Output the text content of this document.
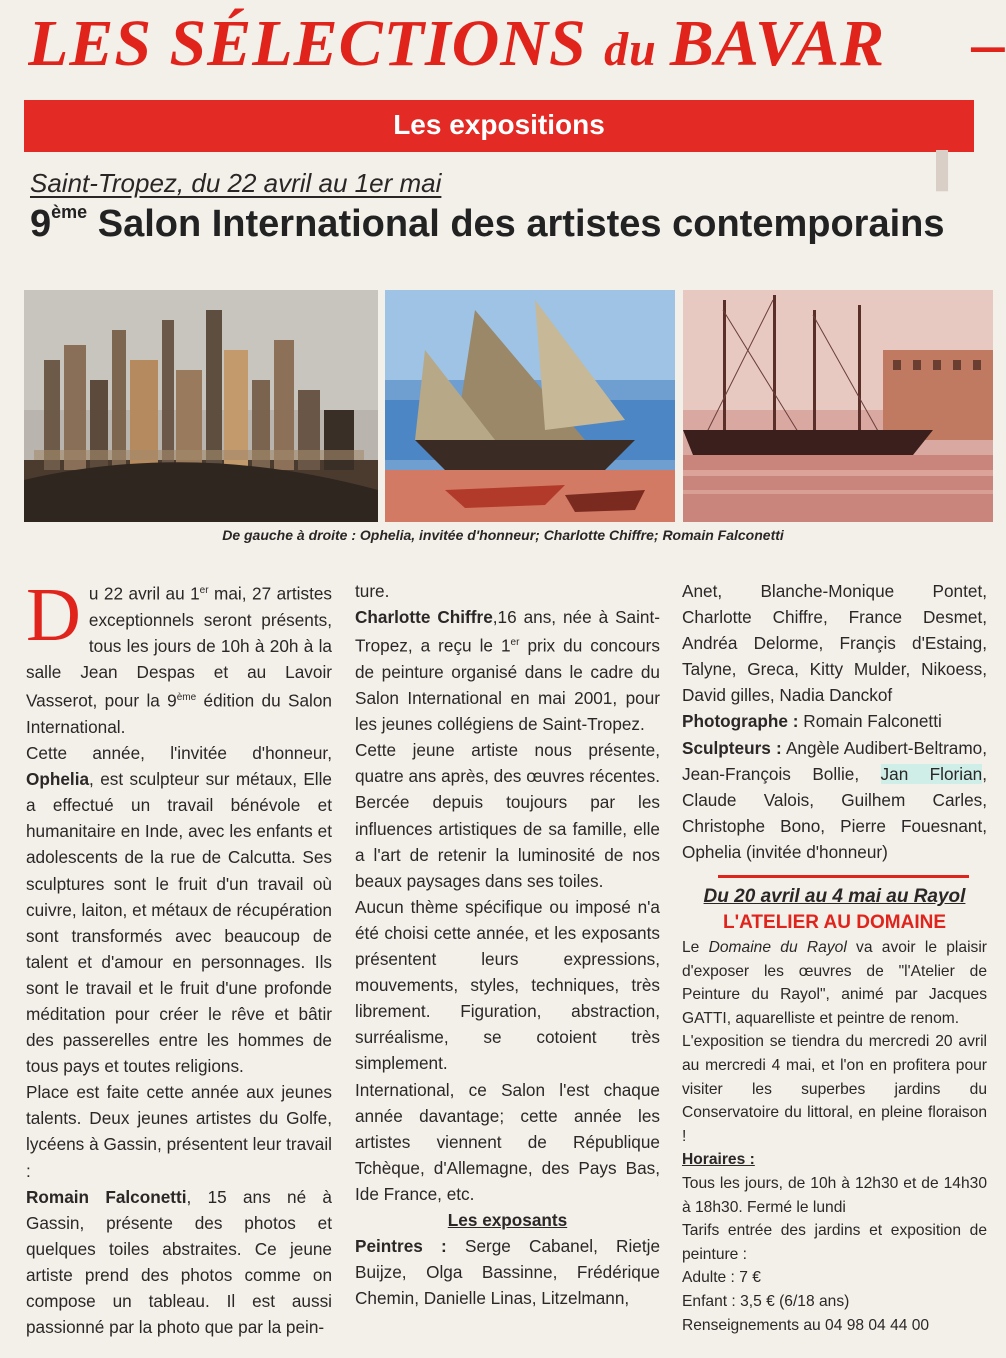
LES SÉLECTIONS du BAVAR –
Les expositions
Saint-Tropez, du 22 avril au 1er mai
9ème Salon International des artistes contemporains
De gauche à droite : Ophelia, invitée d'honneur; Charlotte Chiffre; Romain Falconetti
▌

Du 22 avril au 1er mai, 27 artistes exceptionnels seront présents, tous les jours de 10h à 20h à la salle Jean Despas et au Lavoir Vasserot, pour la 9ème édition du Salon International.

Cette année, l'invitée d'honneur, Ophelia, est sculpteur sur métaux, Elle a effectué un travail bénévole et humanitaire en Inde, avec les enfants et adolescents de la rue de Calcutta. Ses sculptures sont le fruit d'un travail où cuivre, laiton, et métaux de récupération sont transformés avec beaucoup de talent et d'amour en personnages. Ils sont le travail et le fruit d'une profonde méditation pour créer le rêve et bâtir des passerelles entre les hommes de tous pays et toutes religions.

Place est faite cette année aux jeunes talents. Deux jeunes artistes du Golfe, lycéens à Gassin, présentent leur travail :

Romain Falconetti, 15 ans né à Gassin, présente des photos et quelques toiles abstraites. Ce jeune artiste prend des photos comme on compose un tableau. Il est aussi passionné par la photo que par la pein-

ture.

Charlotte Chiffre,16 ans, née à Saint-Tropez, a reçu le 1er prix du concours de peinture organisé dans le cadre du Salon International en mai 2001, pour les jeunes collégiens de Saint-Tropez.

Cette jeune artiste nous présente, quatre ans après, des œuvres récentes. Bercée depuis toujours par les influences artistiques de sa famille, elle a l'art de retenir la luminosité de nos beaux paysages dans ses toiles.

Aucun thème spécifique ou imposé n'a été choisi cette année, et les exposants présentent leurs expressions, mouvements, styles, techniques, très librement. Figuration, abstraction, surréalisme, se cotoient très simplement.

International, ce Salon l'est chaque année davantage; cette année les artistes viennent de République Tchèque, d'Allemagne, des Pays Bas, Ide France, etc.

Les exposants

Peintres : Serge Cabanel, Rietje Buijze, Olga Bassinne, Frédérique Chemin, Danielle Linas, Litzelmann,

Anet, Blanche-Monique Pontet, Charlotte Chiffre, France Desmet, Andréa Delorme, Françis d'Estaing, Talyne, Greca, Kitty Mulder, Nikoess, David gilles, Nadia Danckof

Photographe : Romain Falconetti

Sculpteurs : Angèle Audibert-Beltramo, Jean-François Bollie, Jan Florian, Claude Valois, Guilhem Carles, Christophe Bono, Pierre Fouesnant, Ophelia (invitée d'honneur)

Du 20 avril au 4 mai au Rayol

L'ATELIER AU DOMAINE

Le Domaine du Rayol va avoir le plaisir d'exposer les œuvres de "l'Atelier de Peinture du Rayol", animé par Jacques GATTI, aquarelliste et peintre de renom.

L'exposition se tiendra du mercredi 20 avril au mercredi 4 mai, et l'on en profitera pour visiter les superbes jardins du Conservatoire du littoral, en pleine floraison !

Horaires :

Tous les jours, de 10h à 12h30 et de 14h30 à 18h30. Fermé le lundi

Tarifs entrée des jardins et exposition de peinture :

Adulte : 7 €

Enfant : 3,5 € (6/18 ans)

Renseignements au 04 98 04 44 00
